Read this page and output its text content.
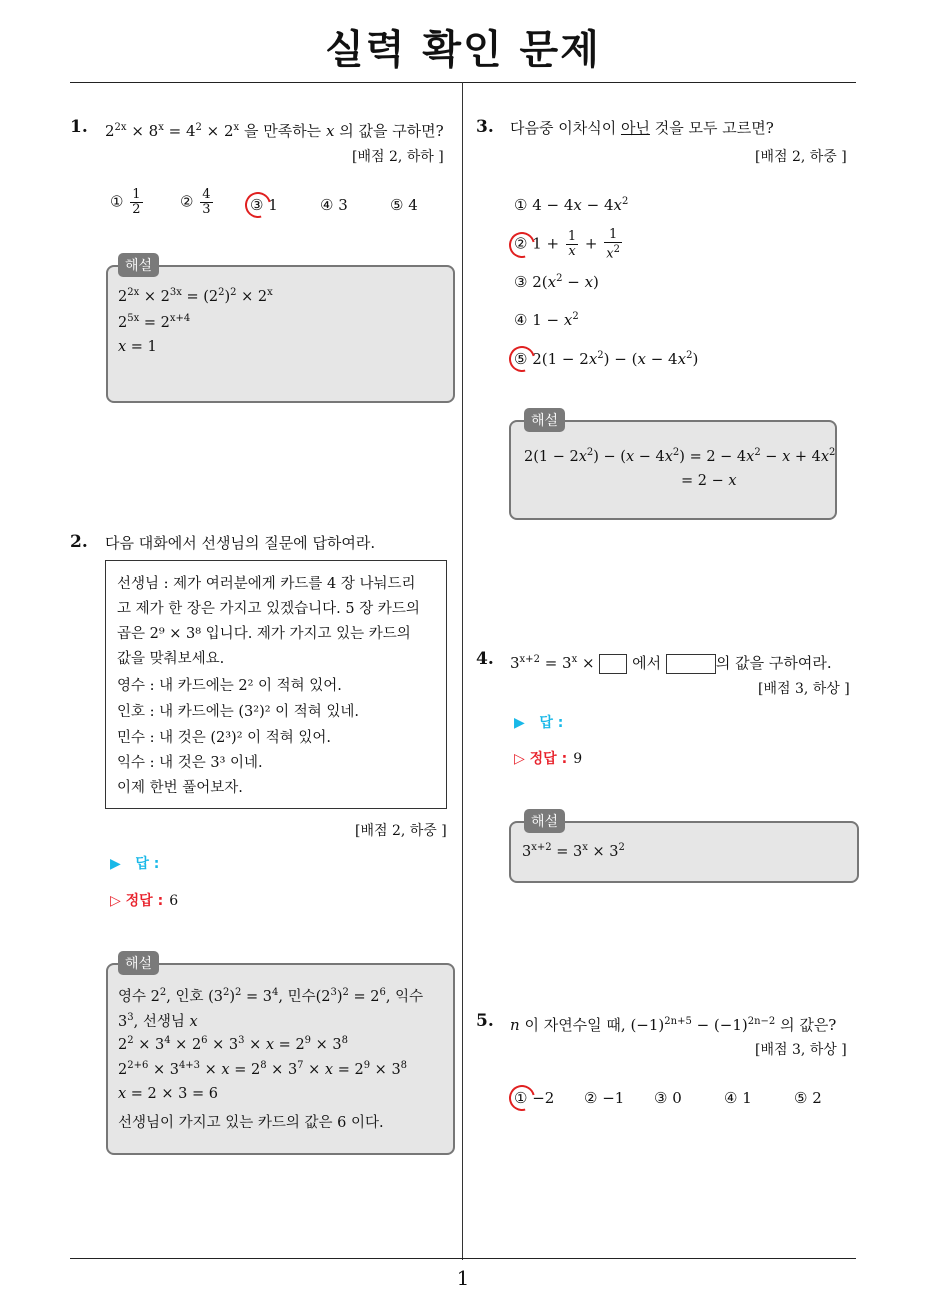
실력 확인 문제
1
1. $2^{2x} \times 8^x = 4^2 \times 2^x$ 을 만족하는 x 의 값을 구하면?
[배점 2, 하하 ]
① $\frac{1}{2}$	② $\frac{4}{3}$	③ 1	④ 3	⑤ 4
해설
$2^{2x} \times 2^{3x} = (2^2)^2 \times 2^x$
$2^{5x} = 2^{x+4}$
x = 1
2. 다음 대화에서 선생님의 질문에 답하여라.
선생님 : 제가 여러분에게 카드를 4 장 나눠드리
고 제가 한 장은 가지고 있겠습니다. 5 장 카드의
곱은 2⁹ × 3⁸ 입니다. 제가 가지고 있는 카드의
값을 맞춰보세요.
영수 : 내 카드에는 2² 이 적혀 있어.
인호 : 내 카드에는 (3²)² 이 적혀 있네.
민수 : 내 것은 (2³)² 이 적혀 있어.
익수 : 내 것은 3³ 이네.
이제 한번 풀어보자.
[배점 2, 하중 ]
▶ 답 :
▷ 정답 : 6
해설
영수 $2^2$, 인호 $(3^2)^2 = 3^4$, 민수$(2^3)^2 = 2^6$, 익수
$3^3$, 선생님 x
$2^2 \times 3^4 \times 2^6 \times 3^3 \times x = 2^9 \times 3^8$
$2^{2+6} \times 3^{4+3} \times x = 2^8 \times 3^7 \times x = 2^9 \times 3^8$
x = 2 × 3 = 6
선생님이 가지고 있는 카드의 값은 6 이다.
3. 다음중 이차식이 아닌 것을 모두 고르면?
[배점 2, 하중 ]
① $4 - 4x - 4x^2$
② $1 + \frac{1}{x} + \frac{1}{x^2}$
③ $2(x^2 - x)$
④ $1 - x^2$
⑤ $2(1 - 2x^2) - (x - 4x^2)$
해설
$2(1 - 2x^2) - (x - 4x^2) = 2 - 4x^2 - x + 4x^2$
= 2 − x
4. $3^{x+2} = 3^x$ ×  에서	의 값을 구하여라.
[배점 3, 하상 ]
▶ 답 :
▷ 정답 : 9
해설
$3^{x+2} = 3^x \times 3^2$
5. n 이 자연수일 때, $(-1)^{2n+5} - (-1)^{2n-2}$ 의 값은?
[배점 3, 하상 ]
① −2 ② −1 ③ 0	④ 1	⑤ 2
